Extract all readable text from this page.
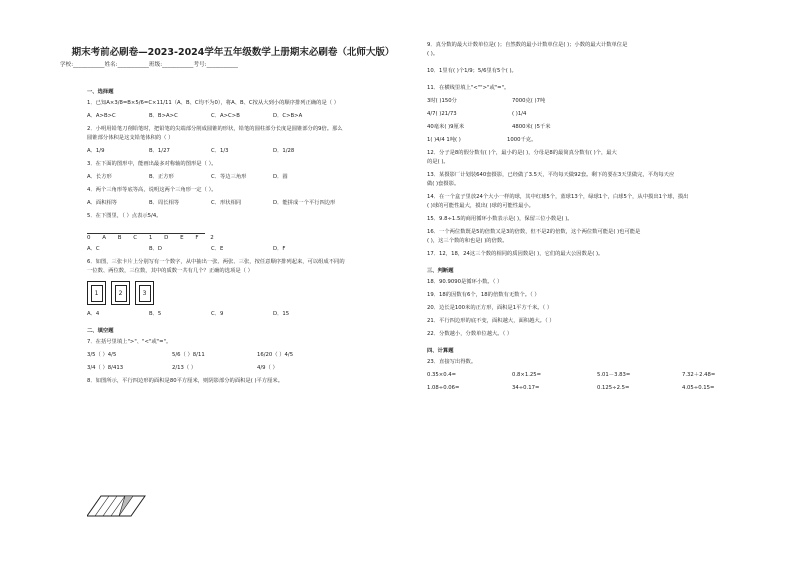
期末考前必刷卷—2023-2024学年五年级数学上册期末必刷卷（北师大版）
学校:___________姓名:___________班级:___________考号:___________
一、选择题
1．已知A×3/8=B×5/6=C×11/11（A、B、C均不为0），将A、B、C按从大到小的顺序排列正确的是（ ）
A．A>B>C	B．B>A>C	C．A>C>B	D．C>B>A
2．小明用铅笔刀削铅笔时，把铅笔的尖端部分削成圆锥的形状，铅笔的圆柱部分长度是圆锥部分的9倍。那么
圆锥部分体积是这支铅笔体积的（ ）
A．1/9	B．1/27	C．1/3	D．1/28
3．在下面的图形中，能画出最多对称轴的图形是（ ）。
A．长方形	B．正方形	C．等边三角形	D．圆
4．两个三角形等底等高，说明这两个三角形一定（ ）。
A．面积相等	B．周长相等	C．形状相同	D．能拼成一个平行四边形
5．在下图里，（ ）点表示5/4。
0 A B C 1 D E F 2
A．C	B．D	C．E	D．F
6．如图，三张卡片上分别写有一个数字，从中抽出一张、两张、三张，按任意顺序排列起来，可以组成不同的
一位数、两位数，三位数，其中的质数一共有几个？正确的选项是（ ）
1	2	3
A．4	B．5	C．9	D．15
二、填空题
7．在括号里填上">"、"<"或"="。
3/5（ ）4/5	5/6（ ）8/11	16/20（ ）4/5
3/4（ ）8/413	2/13（ ）	4/9（ ）
8．如图所示，平行四边形的面积是80平方厘米，则阴影部分的面积是( )平方厘米。
9．真分数的最大计数单位是( )；自然数的最小计数单位是( )；小数的最大计数单位是
( )。
10．1里有( )个1/9；5/6里有5个( )。
11．在横线里填上"<"">"或"="。
3时( )150分	7000克( )7吨
4/7( )21/73	( )1/4
40毫米( )9厘米	4800米( )5千米
1( )4/4 1吨( )	1000千克。
12．分子是8的假分数有( )个，最小的是( )，分母是8的最简真分数有( )个，最大
的是( )。
13．某摄影厂计划装640套摄影，已经做了3.5天，平均每天做92套。剩下的要在3天里做完，平均每天应
做( )套摄影。
14．在一个盒子里放24个大小一样的球，其中红球5个，蓝球13个，绿球1个，白球5个，从中摸出1个球，摸出
( )球的可能性最大，摸出( )球的可能性最小。
15．9.8÷1.5的商用循环小数表示是( )，保留三位小数是( )。
16．一个两位数既是5的倍数又是3的倍数，但不是2的倍数，这个两位数可能是( )也可能是
( )，这三个数的和也是( )的倍数。
17．12，18，24这三个数的相同的质因数是( )，它们的最大公因数是( )。
三、判断题
18．90.9090是循环小数。（ ）
19．18的因数有6个，18的倍数有无数个。（ ）
20．边长是100米的正方形，面积是1平方千米。（ ）
21．平行四边形的底不变，面积越大，面积越大。（ ）
22．分数越小，分数单位越大。（ ）
四、计算题
23．直接写出得数。
0.35×0.4=	0.8×1.25=	5.01－3.83=	7.32＋2.48=
1.08÷0.06=	34÷0.17=	0.125÷2.5=	4.05÷0.15=
